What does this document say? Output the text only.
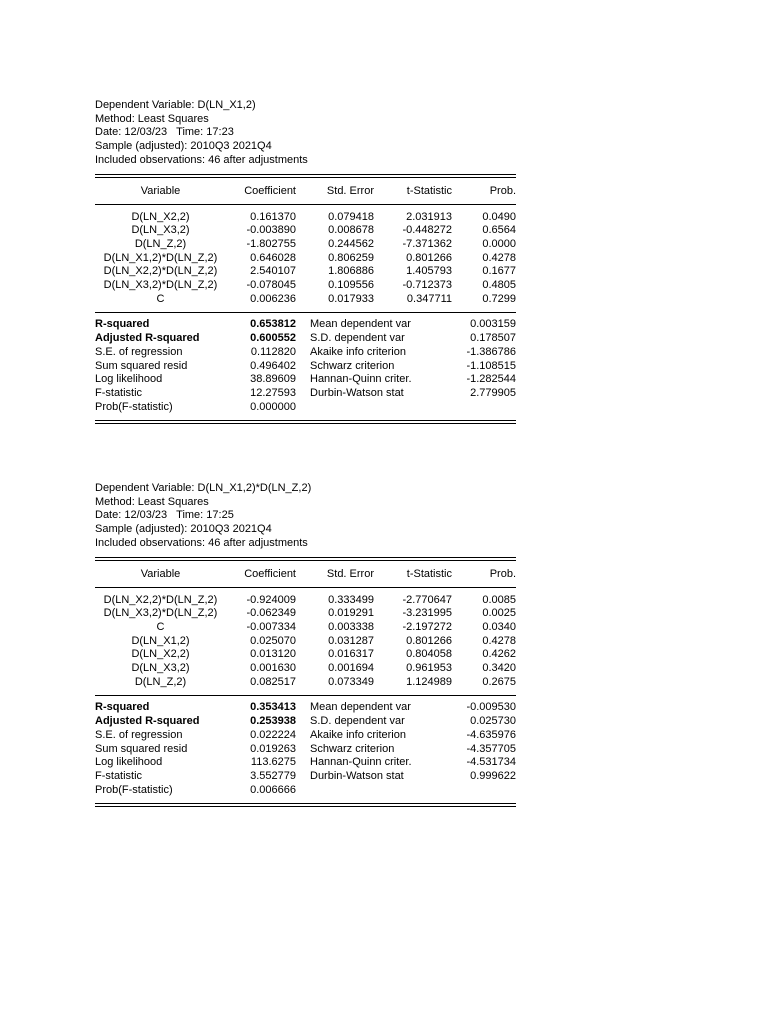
Dependent Variable: D(LN_X1,2)
Method: Least Squares
Date: 12/03/23   Time: 17:23
Sample (adjusted): 2010Q3 2021Q4
Included observations: 46 after adjustments
Variable	Coefficient	Std. Error	t-Statistic	Prob.
D(LN_X2,2)	0.161370	0.079418	2.031913	0.0490
D(LN_X3,2)	-0.003890	0.008678	-0.448272	0.6564
D(LN_Z,2)	-1.802755	0.244562	-7.371362	0.0000
D(LN_X1,2)*D(LN_Z,2)	0.646028	0.806259	0.801266	0.4278
D(LN_X2,2)*D(LN_Z,2)	2.540107	1.806886	1.405793	0.1677
D(LN_X3,2)*D(LN_Z,2)	-0.078045	0.109556	-0.712373	0.4805
C	0.006236	0.017933	0.347711	0.7299
R-squared	0.653812	Mean dependent var	0.003159
Adjusted R-squared	0.600552	S.D. dependent var	0.178507
S.E. of regression	0.112820	Akaike info criterion	-1.386786
Sum squared resid	0.496402	Schwarz criterion	-1.108515
Log likelihood	38.89609	Hannan-Quinn criter.	-1.282544
F-statistic	12.27593	Durbin-Watson stat	2.779905
Prob(F-statistic)	0.000000		
Dependent Variable: D(LN_X1,2)*D(LN_Z,2)
Method: Least Squares
Date: 12/03/23   Time: 17:25
Sample (adjusted): 2010Q3 2021Q4
Included observations: 46 after adjustments
Variable	Coefficient	Std. Error	t-Statistic	Prob.
D(LN_X2,2)*D(LN_Z,2)	-0.924009	0.333499	-2.770647	0.0085
D(LN_X3,2)*D(LN_Z,2)	-0.062349	0.019291	-3.231995	0.0025
C	-0.007334	0.003338	-2.197272	0.0340
D(LN_X1,2)	0.025070	0.031287	0.801266	0.4278
D(LN_X2,2)	0.013120	0.016317	0.804058	0.4262
D(LN_X3,2)	0.001630	0.001694	0.961953	0.3420
D(LN_Z,2)	0.082517	0.073349	1.124989	0.2675
R-squared	0.353413	Mean dependent var	-0.009530
Adjusted R-squared	0.253938	S.D. dependent var	0.025730
S.E. of regression	0.022224	Akaike info criterion	-4.635976
Sum squared resid	0.019263	Schwarz criterion	-4.357705
Log likelihood	113.6275	Hannan-Quinn criter.	-4.531734
F-statistic	3.552779	Durbin-Watson stat	0.999622
Prob(F-statistic)	0.006666		
